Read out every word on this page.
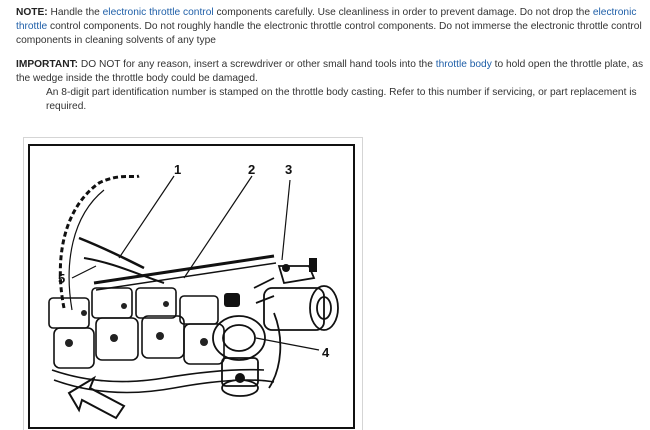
NOTE: Handle the electronic throttle control components carefully. Use cleanliness in order to prevent damage. Do not drop the electronic throttle control components. Do not roughly handle the electronic throttle control components. Do not immerse the electronic throttle control components in cleaning solvents of any type

IMPORTANT: DO NOT for any reason, insert a screwdriver or other small hand tools into the throttle body to hold open the throttle plate, as the wedge inside the throttle body could be damaged.

An 8-digit part identification number is stamped on the throttle body casting. Refer to this number if servicing, or part replacement is required.

1	2 3
4
5
